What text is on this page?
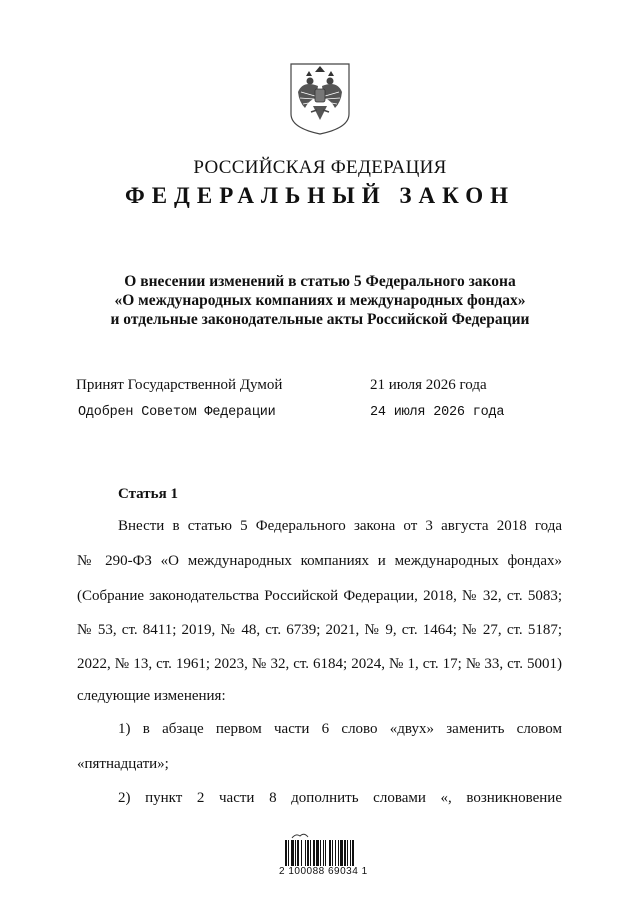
РОССИЙСКАЯ ФЕДЕРАЦИЯ
ФЕДЕРАЛЬНЫЙ ЗАКОН
О внесении изменений в статью 5 Федерального закона
«О международных компаниях и международных фондах»
и отдельные законодательные акты Российской Федерации
Принят Государственной Думой	21 июля 2026 года
Одобрен Советом Федерации	24 июля 2026 года
Статья 1
Внести в статью 5 Федерального закона от 3 августа 2018 года
№ 290-ФЗ «О международных компаниях и международных фондах»
(Собрание законодательства Российской Федерации, 2018, № 32, ст. 5083;
№ 53, ст. 8411; 2019, № 48, ст. 6739; 2021, № 9, ст. 1464; № 27, ст. 5187;
2022, № 13, ст. 1961; 2023, № 32, ст. 6184; 2024, № 1, ст. 17; № 33, ст. 5001)
следующие изменения:
1) в абзаце первом части 6 слово «двух» заменить словом
«пятнадцати»;
2) пункт 2 части 8 дополнить словами «, возникновение
2 100088 69034 1
